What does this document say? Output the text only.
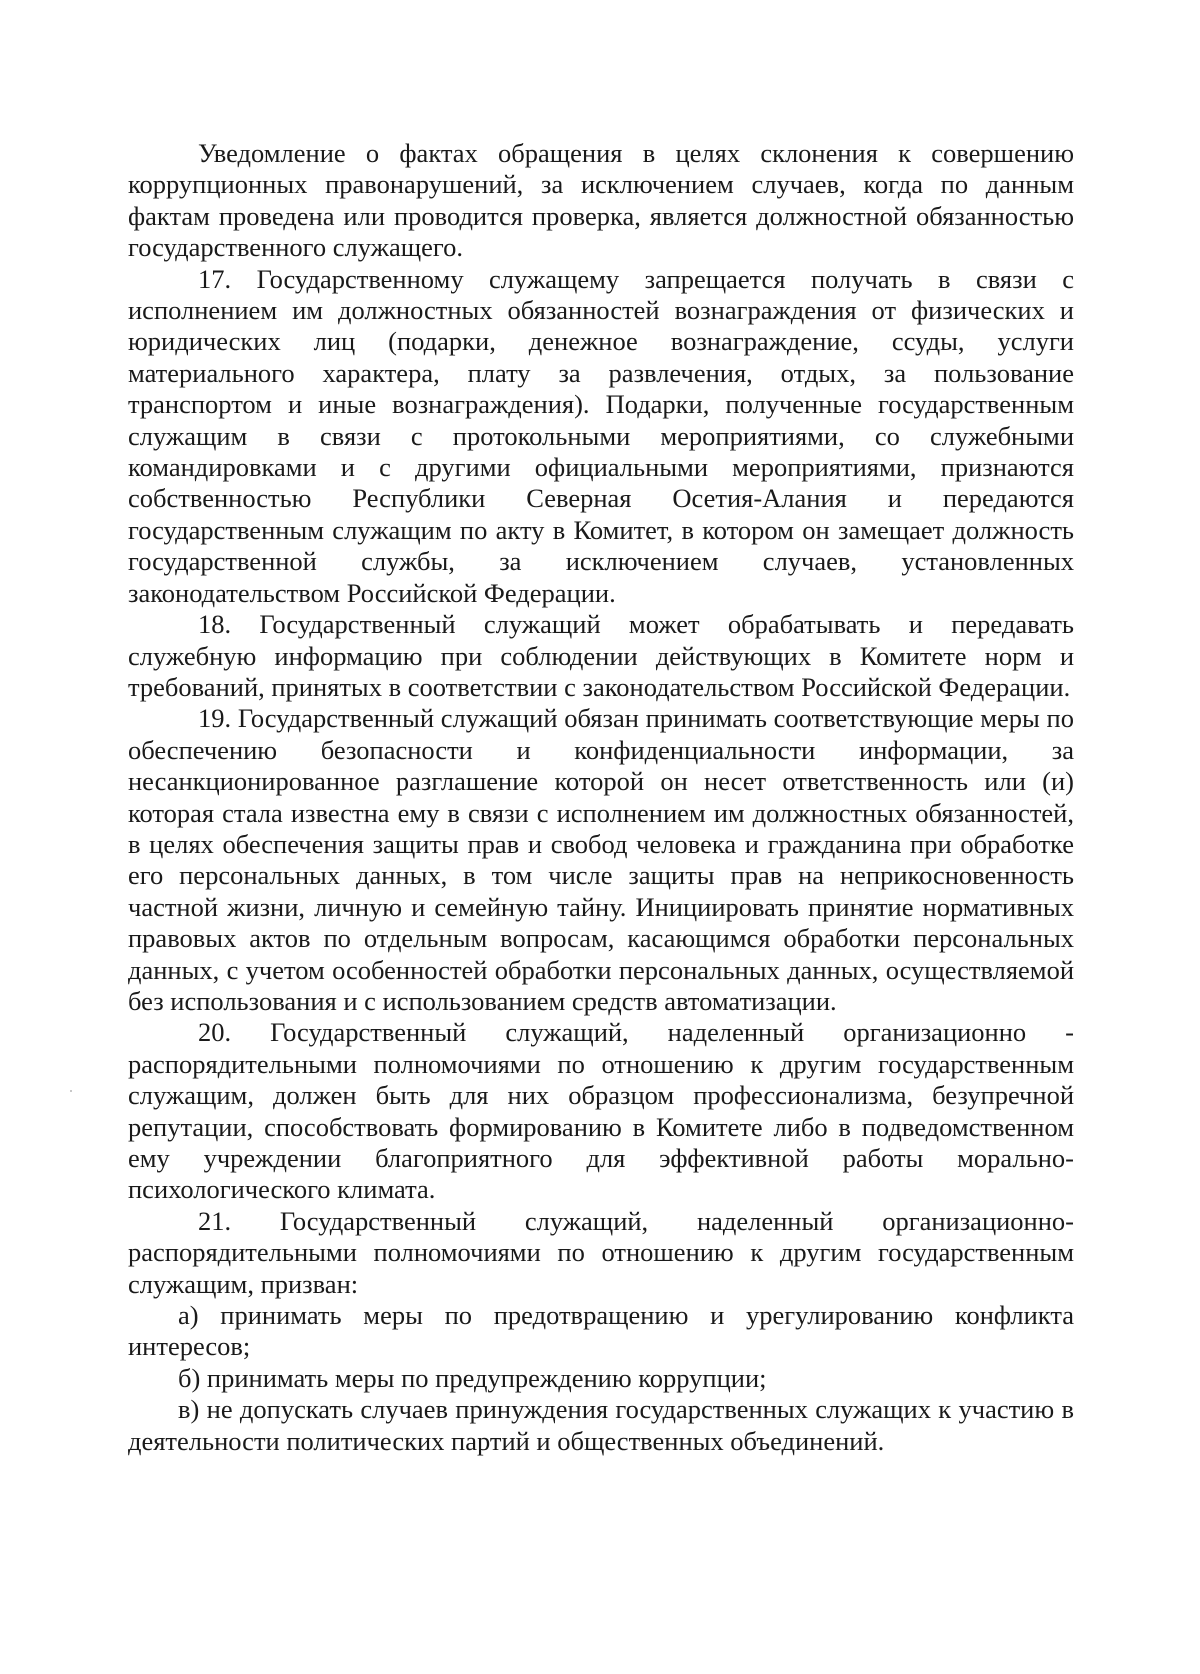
Уведомление о фактах обращения в целях склонения к совершению коррупционных правонарушений, за исключением случаев, когда по данным фактам проведена или проводится проверка, является должностной обязанностью государственного служащего.

17. Государственному служащему запрещается получать в связи с исполнением им должностных обязанностей вознаграждения от физических и юридических лиц (подарки, денежное вознаграждение, ссуды, услуги материального характера, плату за развлечения, отдых, за пользование транспортом и иные вознаграждения). Подарки, полученные государственным служащим в связи с протокольными мероприятиями, со служебными командировками и с другими официальными мероприятиями, признаются собственностью Республики Северная Осетия-Алания и передаются государственным служащим по акту в Комитет, в котором он замещает должность государственной службы, за исключением случаев, установленных законодательством Российской Федерации.

18. Государственный служащий может обрабатывать и передавать служебную информацию при соблюдении действующих в Комитете норм и требований, принятых в соответствии с законодательством Российской Федерации.

19. Государственный служащий обязан принимать соответствующие меры по обеспечению безопасности и конфиденциальности информации, за несанкционированное разглашение которой он несет ответственность или (и) которая стала известна ему в связи с исполнением им должностных обязанностей, в целях обеспечения защиты прав и свобод человека и гражданина при обработке его персональных данных, в том числе защиты прав на неприкосновенность частной жизни, личную и семейную тайну. Инициировать принятие нормативных правовых актов по отдельным вопросам, касающимся обработки персональных данных, с учетом особенностей обработки персональных данных, осуществляемой без использования и с использованием средств автоматизации.

20. Государственный служащий, наделенный организационно - распорядительными полномочиями по отношению к другим государственным служащим, должен быть для них образцом профессионализма, безупречной репутации, способствовать формированию в Комитете либо в подведомственном ему учреждении благоприятного для эффективной работы морально-психологического климата.

21. Государственный служащий, наделенный организационно-распорядительными полномочиями по отношению к другим государственным служащим, призван:

а) принимать меры по предотвращению и урегулированию конфликта интересов;

б) принимать меры по предупреждению коррупции;

в) не допускать случаев принуждения государственных служащих к участию в деятельности политических партий и общественных объединений.
